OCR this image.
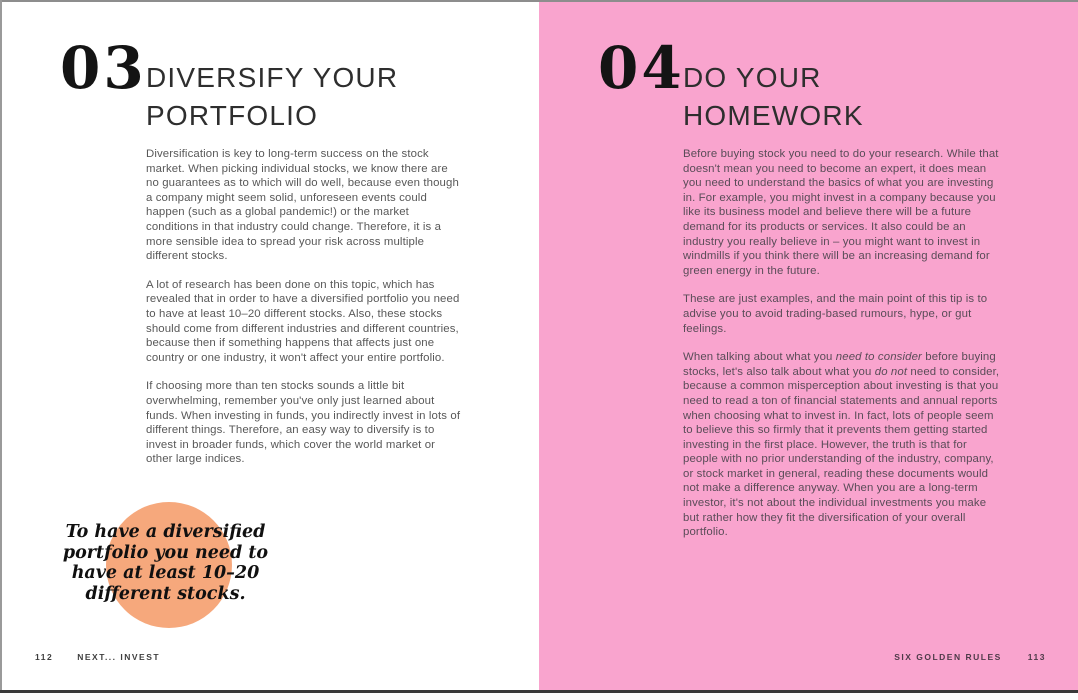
03 DIVERSIFY YOUR
PORTFOLIO

Diversification is key to long-term success on the stock market. When picking individual stocks, we know there are no guarantees as to which will do well, because even though a company might seem solid, unforeseen events could happen (such as a global pandemic!) or the market conditions in that industry could change. Therefore, it is a more sensible idea to spread your risk across multiple different stocks.

A lot of research has been done on this topic, which has revealed that in order to have a diversified portfolio you need to have at least 10–20 different stocks. Also, these stocks should come from different industries and different countries, because then if something happens that affects just one country or one industry, it won't affect your entire portfolio.

If choosing more than ten stocks sounds a little bit overwhelming, remember you've only just learned about funds. When investing in funds, you indirectly invest in lots of different things. Therefore, an easy way to diversify is to invest in broader funds, which cover the world market or other large indices.

To have a diversified
portfolio you need to
have at least 10–20
different stocks.
112	NEXT... INVEST
04
DO YOUR
HOMEWORK

Before buying stock you need to do your research. While that doesn't mean you need to become an expert, it does mean you need to understand the basics of what you are investing in. For example, you might invest in a company because you like its business model and believe there will be a future demand for its products or services. It also could be an industry you really believe in – you might want to invest in windmills if you think there will be an increasing demand for green energy in the future.

These are just examples, and the main point of this tip is to advise you to avoid trading-based rumours, hype, or gut feelings.

When talking about what you need to consider before buying stocks, let's also talk about what you do not need to consider, because a common misperception about investing is that you need to read a ton of financial statements and annual reports when choosing what to invest in. In fact, lots of people seem to believe this so firmly that it prevents them getting started investing in the first place. However, the truth is that for people with no prior understanding of the industry, company, or stock market in general, reading these documents would not make a difference anyway. When you are a long-term investor, it's not about the individual investments you make but rather how they fit the diversification of your overall portfolio.

SIX GOLDEN RULES	113
